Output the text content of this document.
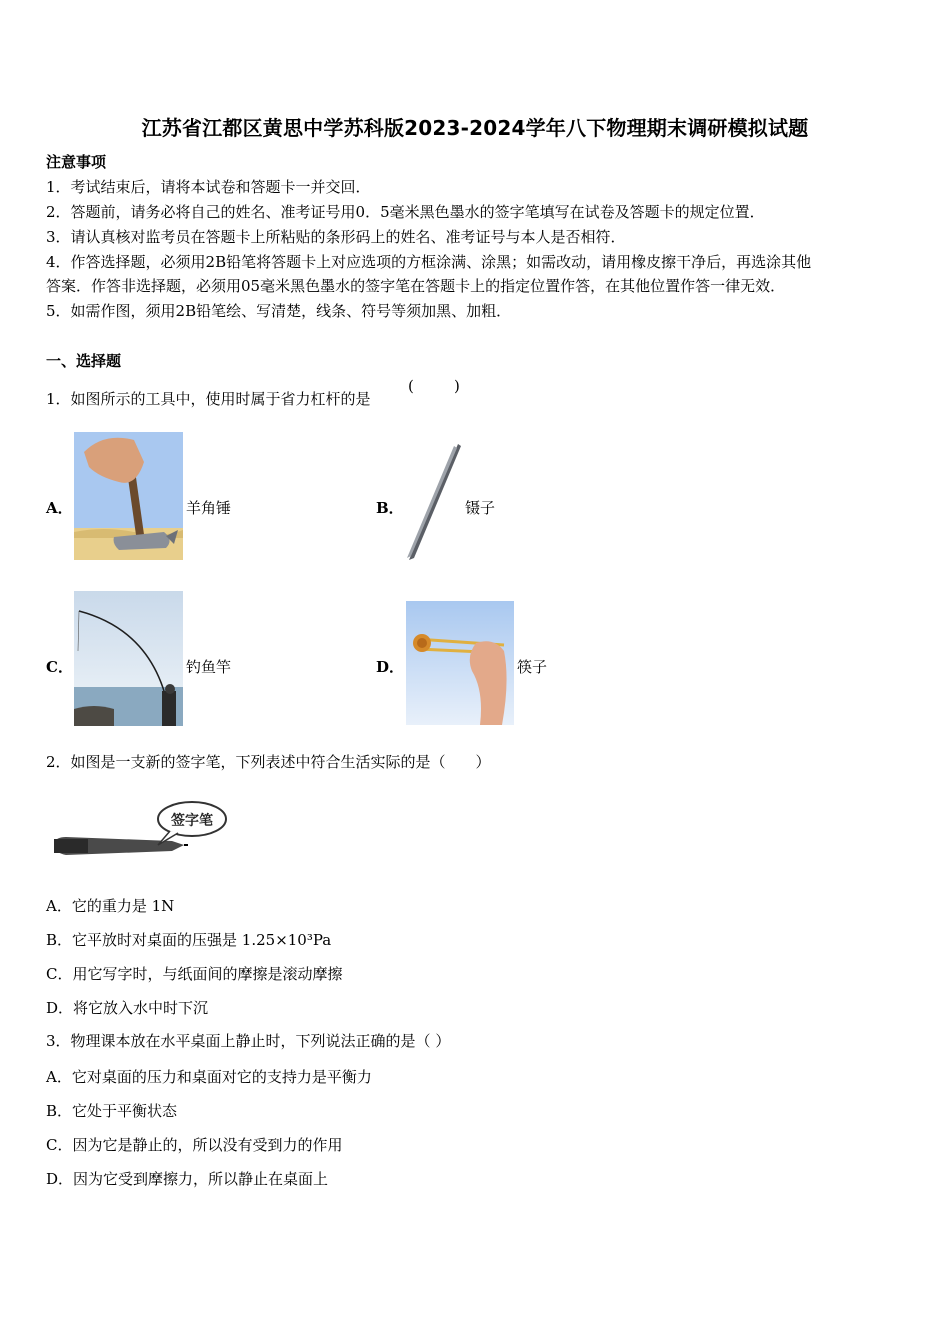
江苏省江都区黄思中学苏科版2023-2024学年八下物理期末调研模拟试题
注意事项
1．考试结束后，请将本试卷和答题卡一并交回．
2．答题前，请务必将自己的姓名、准考证号用0．5毫米黑色墨水的签字笔填写在试卷及答题卡的规定位置．
3．请认真核对监考员在答题卡上所粘贴的条形码上的姓名、准考证号与本人是否相符．
4．作答选择题，必须用2B铅笔将答题卡上对应选项的方框涂满、涂黑；如需改动，请用橡皮擦干净后，再选涂其他
答案．作答非选择题，必须用05毫米黑色墨水的签字笔在答题卡上的指定位置作答，在其他位置作答一律无效．
5．如需作图，须用2B铅笔绘、写清楚，线条、符号等须加黑、加粗．
一、选择题
1．如图所示的工具中，使用时属于省力杠杆的是
(	)
A．	羊角锤	B．	镊子
C．	钓鱼竿	D．	筷子
2．如图是一支新的签字笔，下列表述中符合生活实际的是（　　）
签字笔
A．它的重力是 1N
B．它平放时对桌面的压强是 1.25×10³Pa
C．用它写字时，与纸面间的摩擦是滚动摩擦
D．将它放入水中时下沉
3．物理课本放在水平桌面上静止时，下列说法正确的是（ ）
A．它对桌面的压力和桌面对它的支持力是平衡力
B．它处于平衡状态
C．因为它是静止的，所以没有受到力的作用
D．因为它受到摩擦力，所以静止在桌面上
